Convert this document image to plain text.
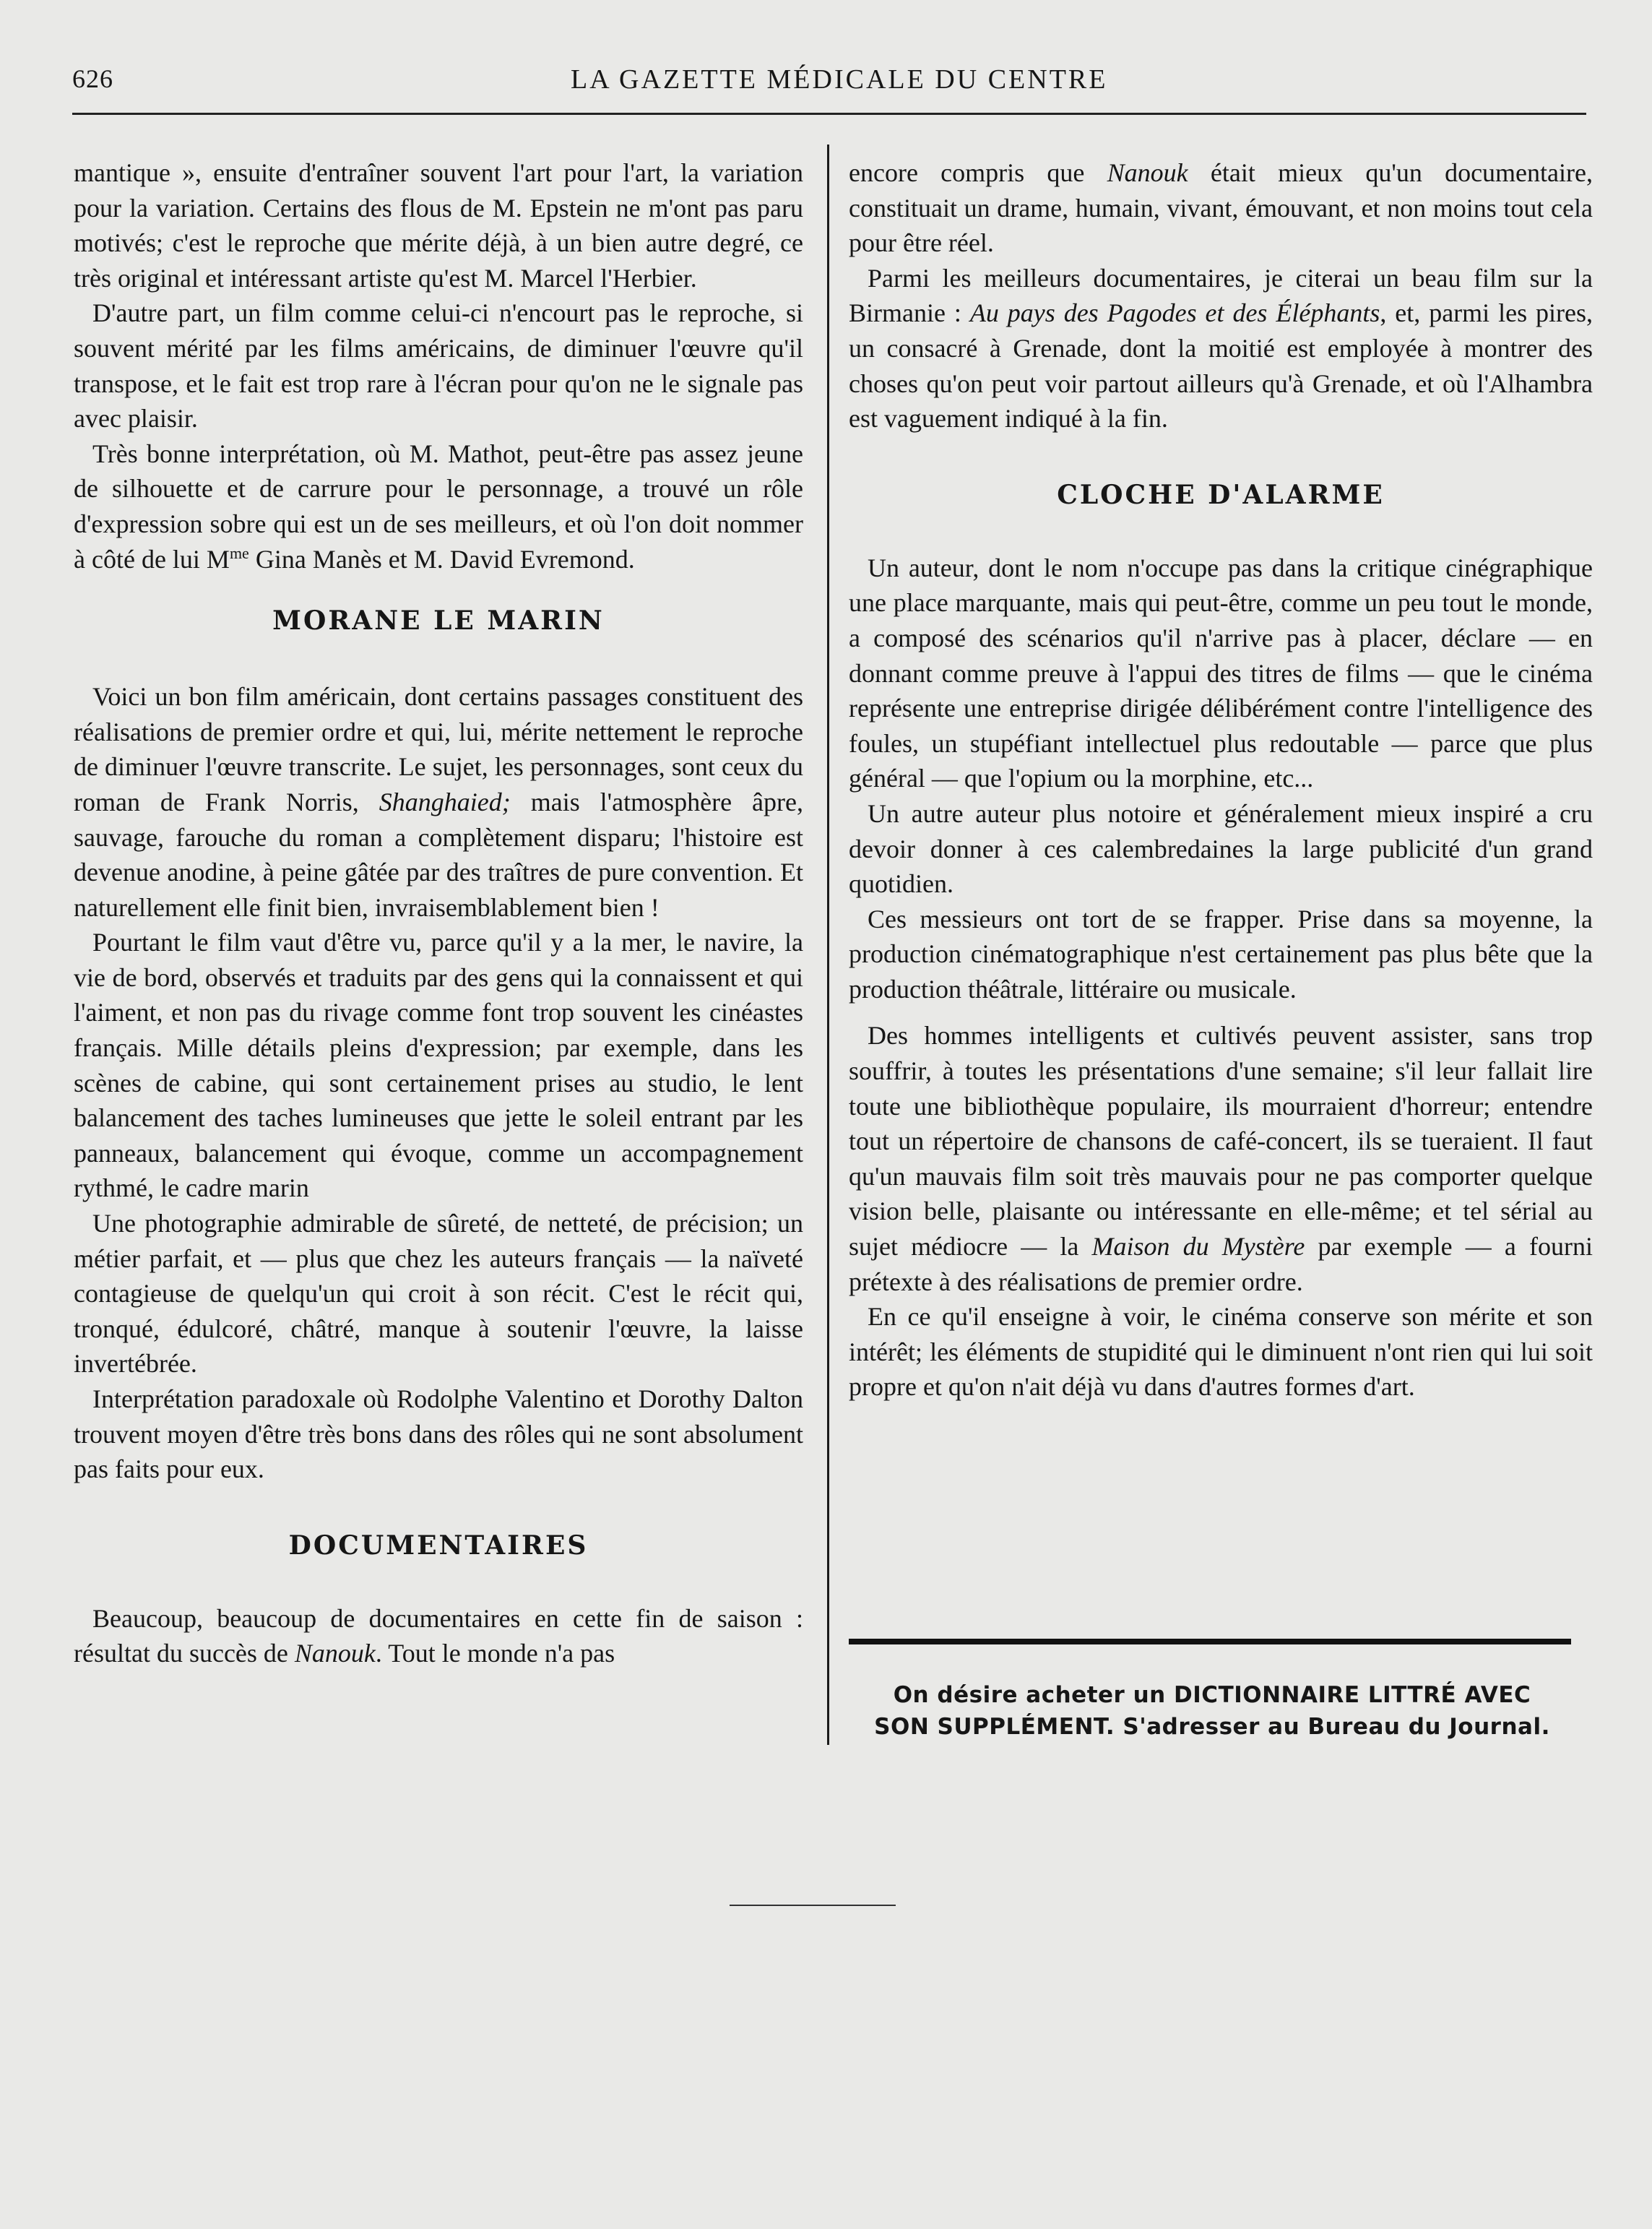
626	LA GAZETTE MÉDICALE DU CENTRE

mantique », ensuite d'entraîner souvent l'art pour l'art, la variation pour la variation. Certains des flous de M. Epstein ne m'ont pas paru motivés; c'est le reproche que mérite déjà, à un bien autre degré, ce très original et intéressant artiste qu'est M. Marcel l'Herbier.

D'autre part, un film comme celui-ci n'encourt pas le reproche, si souvent mérité par les films américains, de diminuer l'œuvre qu'il transpose, et le fait est trop rare à l'écran pour qu'on ne le signale pas avec plaisir.

Très bonne interprétation, où M. Mathot, peut-être pas assez jeune de silhouette et de carrure pour le personnage, a trouvé un rôle d'expression sobre qui est un de ses meilleurs, et où l'on doit nommer à côté de lui $M^{me}$ Gina Manès et M. David Evremond.

MORANE LE MARIN

Voici un bon film américain, dont certains passages constituent des réalisations de premier ordre et qui, lui, mérite nettement le reproche de diminuer l'œuvre transcrite. Le sujet, les personnages, sont ceux du roman de Frank Norris, Shanghaied; mais l'atmosphère âpre, sauvage, farouche du roman a complètement disparu; l'histoire est devenue anodine, à peine gâtée par des traîtres de pure convention. Et naturellement elle finit bien, invraisemblablement bien !

Pourtant le film vaut d'être vu, parce qu'il y a la mer, le navire, la vie de bord, observés et traduits par des gens qui la connaissent et qui l'aiment, et non pas du rivage comme font trop souvent les cinéastes français. Mille détails pleins d'expression; par exemple, dans les scènes de cabine, qui sont certainement prises au studio, le lent balancement des taches lumineuses que jette le soleil entrant par les panneaux, balancement qui évoque, comme un accompagnement rythmé, le cadre marin

Une photographie admirable de sûreté, de netteté, de précision; un métier parfait, et — plus que chez les auteurs français — la naïveté contagieuse de quelqu'un qui croit à son récit. C'est le récit qui, tronqué, édulcoré, châtré, manque à soutenir l'œuvre, la laisse invertébrée.

Interprétation paradoxale où Rodolphe Valentino et Dorothy Dalton trouvent moyen d'être très bons dans des rôles qui ne sont absolument pas faits pour eux.

DOCUMENTAIRES

Beaucoup, beaucoup de documentaires en cette fin de saison : résultat du succès de Nanouk. Tout le monde n'a pas

encore compris que Nanouk était mieux qu'un documentaire, constituait un drame, humain, vivant, émouvant, et non moins tout cela pour être réel.

Parmi les meilleurs documentaires, je citerai un beau film sur la Birmanie : Au pays des Pagodes et des Éléphants, et, parmi les pires, un consacré à Grenade, dont la moitié est employée à montrer des choses qu'on peut voir partout ailleurs qu'à Grenade, et où l'Alhambra est vaguement indiqué à la fin.

CLOCHE D'ALARME

Un auteur, dont le nom n'occupe pas dans la critique cinégraphique une place marquante, mais qui peut-être, comme un peu tout le monde, a composé des scénarios qu'il n'arrive pas à placer, déclare — en donnant comme preuve à l'appui des titres de films — que le cinéma représente une entreprise dirigée délibérément contre l'intelligence des foules, un stupéfiant intellectuel plus redoutable — parce que plus général — que l'opium ou la morphine, etc...

Un autre auteur plus notoire et généralement mieux inspiré a cru devoir donner à ces calembredaines la large publicité d'un grand quotidien.

Ces messieurs ont tort de se frapper. Prise dans sa moyenne, la production cinématographique n'est certainement pas plus bête que la production théâtrale, littéraire ou musicale.

Des hommes intelligents et cultivés peuvent assister, sans trop souffrir, à toutes les présentations d'une semaine; s'il leur fallait lire toute une bibliothèque populaire, ils mourraient d'horreur; entendre tout un répertoire de chansons de café-concert, ils se tueraient. Il faut qu'un mauvais film soit très mauvais pour ne pas comporter quelque vision belle, plaisante ou intéressante en elle-même; et tel sérial au sujet médiocre — la Maison du Mystère par exemple — a fourni prétexte à des réalisations de premier ordre.

En ce qu'il enseigne à voir, le cinéma conserve son mérite et son intérêt; les éléments de stupidité qui le diminuent n'ont rien qui lui soit propre et qu'on n'ait déjà vu dans d'autres formes d'art.

On désire acheter un DICTIONNAIRE LITTRÉ AVEC
SON SUPPLÉMENT. S'adresser au Bureau du Journal.
